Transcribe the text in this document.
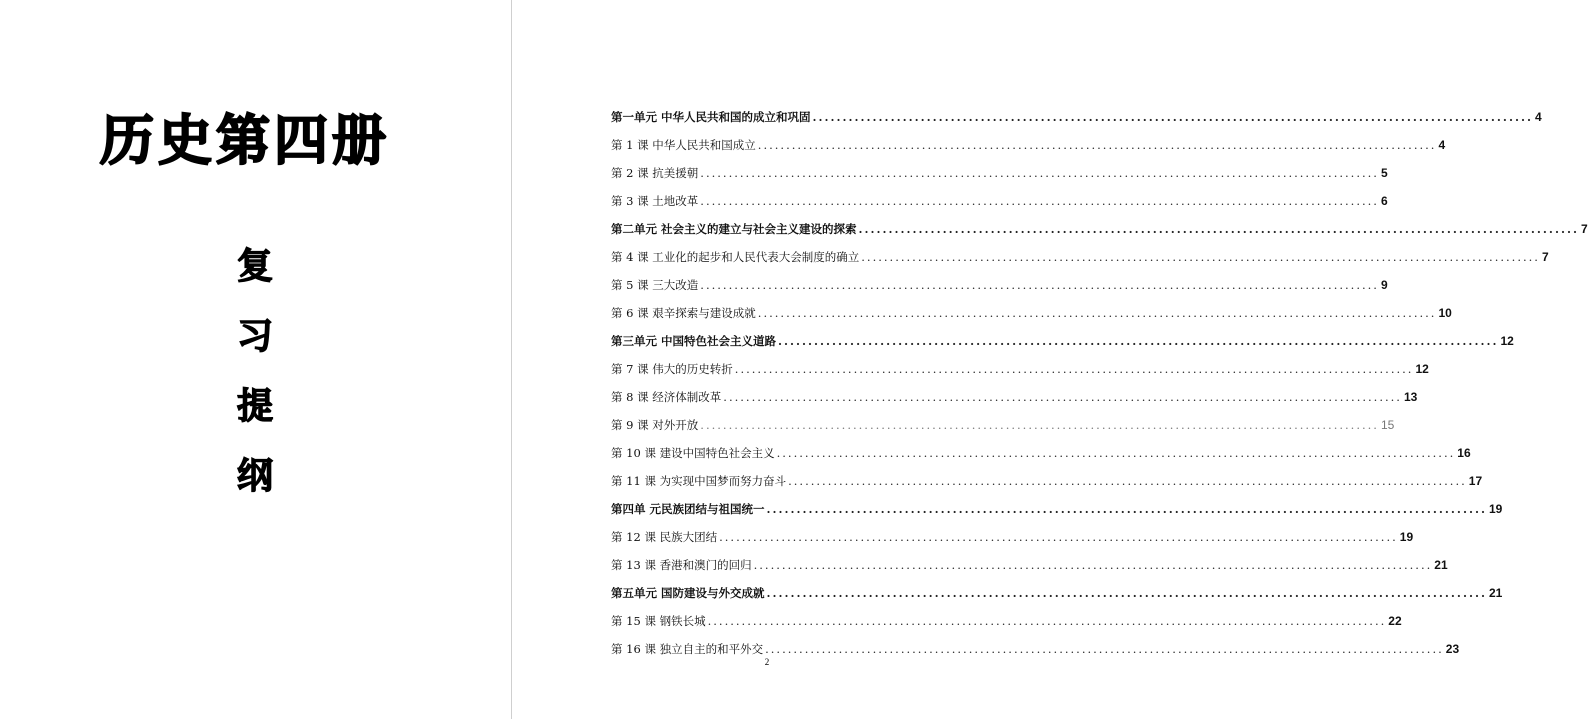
历史第四册
复
习
提
纲
第一单元 中华人民共和国的成立和巩固 ........................................................................................................................ 4
第 1 课 中华人民共和国成立 ........................................................................................................................ 4
第 2 课 抗美援朝 ........................................................................................................................ 5
第 3 课 土地改革 ........................................................................................................................ 6
第二单元 社会主义的建立与社会主义建设的探索 ........................................................................................................................ 7
第 4 课 工业化的起步和人民代表大会制度的确立 ........................................................................................................................ 7
第 5 课 三大改造 ........................................................................................................................ 9
第 6 课 艰辛探索与建设成就 ........................................................................................................................ 10
第三单元 中国特色社会主义道路 ........................................................................................................................ 12
第 7 课 伟大的历史转折 ........................................................................................................................ 12
第 8 课 经济体制改革 ........................................................................................................................ 13
第 9 课 对外开放 ........................................................................................................................ 15
第 10 课 建设中国特色社会主义 ........................................................................................................................ 16
第 11 课 为实现中国梦而努力奋斗 ........................................................................................................................ 17
第四单 元民族团结与祖国统一 ........................................................................................................................ 19
第 12 课 民族大团结 ........................................................................................................................ 19
第 13 课 香港和澳门的回归 ........................................................................................................................ 21
第五单元 国防建设与外交成就 ........................................................................................................................ 21
第 15 课 钢铁长城 ........................................................................................................................ 22
第 16 课 独立自主的和平外交 ........................................................................................................................ 23
2
